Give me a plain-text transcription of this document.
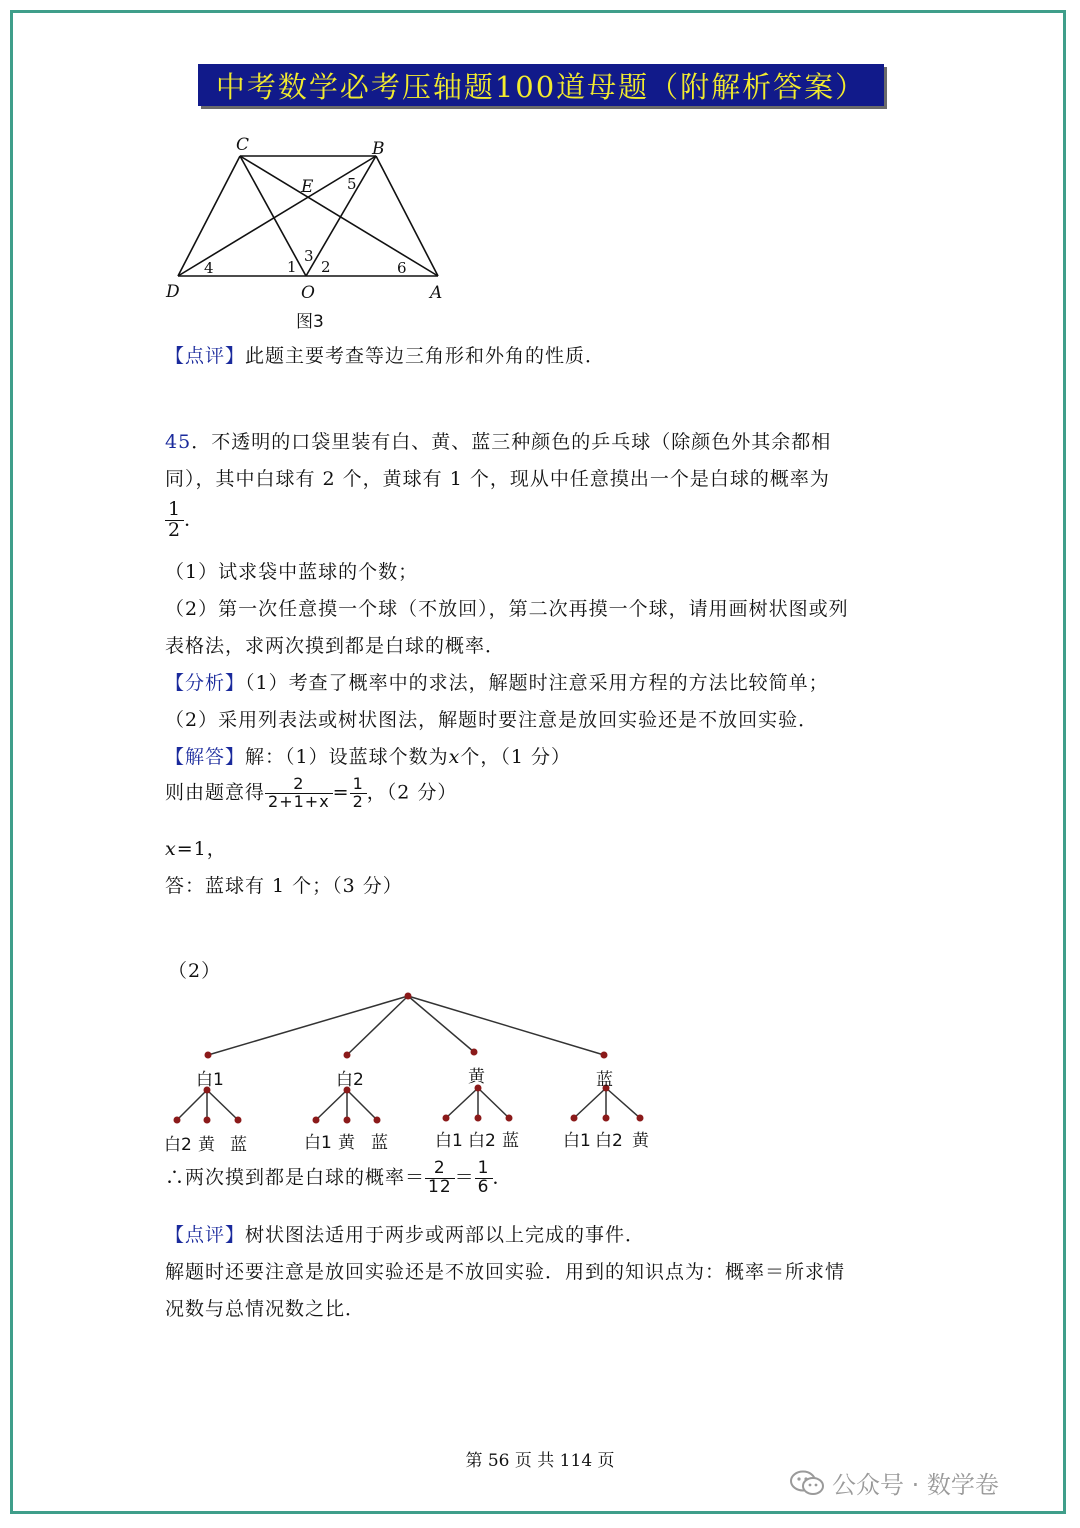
中考数学必考压轴题100道母题（附解析答案）
C	B
E
D	O	A
5
4	1
3
2	6
图3
【点评】此题主要考查等边三角形和外角的性质．
45．不透明的口袋里装有白、黄、蓝三种颜色的乒乓球（除颜色外其余都相
同），其中白球有 2 个，黄球有 1 个，现从中任意摸出一个是白球的概率为
$\frac{1}{2}$ ．
（1）试求袋中蓝球的个数；
（2）第一次任意摸一个球（不放回），第二次再摸一个球，请用画树状图或列
表格法，求两次摸到都是白球的概率．
【分析】（1）考查了概率中的求法，解题时注意采用方程的方法比较简单；
（2）采用列表法或树状图法，解题时要注意是放回实验还是不放回实验．
【解答】解：（1）设蓝球个数为x个，（1 分）
则由题意得 $\frac{2}{2+1+x} = \frac{1}{2}$ ，（2 分）
x=1，
答：蓝球有 1 个；（3 分）
（2）
白1	白2	黄	蓝
白2 黄 蓝	白1 黄 蓝	白1 白2 蓝	白1 白2 黄
∴两次摸到都是白球的概率＝ $\frac{2}{12} = \frac{1}{6}$ ．
【点评】树状图法适用于两步或两部以上完成的事件．
解题时还要注意是放回实验还是不放回实验．用到的知识点为：概率＝所求情
况数与总情况数之比．
第 56 页 共 114 页
公众号 · 数学卷
